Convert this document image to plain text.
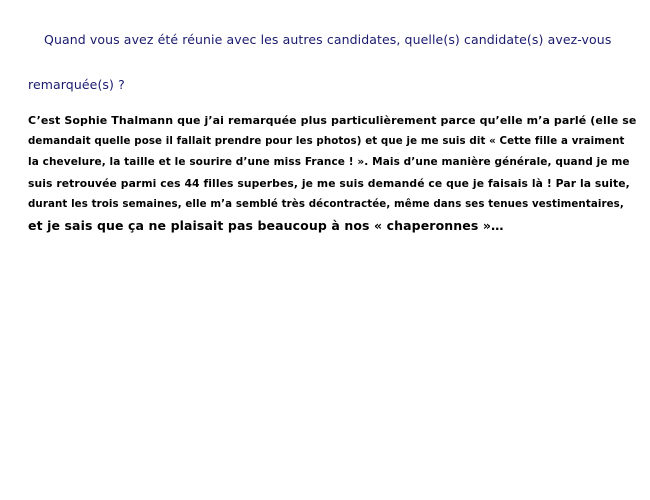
Quand vous avez été réunie avec les autres candidates, quelle(s) candidate(s) avez-vous
remarquée(s) ?
C’est Sophie Thalmann que j’ai remarquée plus particulièrement parce qu’elle m’a parlé (elle se
demandait quelle pose il fallait prendre pour les photos) et que je me suis dit « Cette fille a vraiment
la chevelure, la taille et le sourire d’une miss France ! ». Mais d’une manière générale, quand je me
suis retrouvée parmi ces 44 filles superbes, je me suis demandé ce que je faisais là ! Par la suite,
durant les trois semaines, elle m’a semblé très décontractée, même dans ses tenues vestimentaires,
et je sais que ça ne plaisait pas beaucoup à nos « chaperonnes »…
